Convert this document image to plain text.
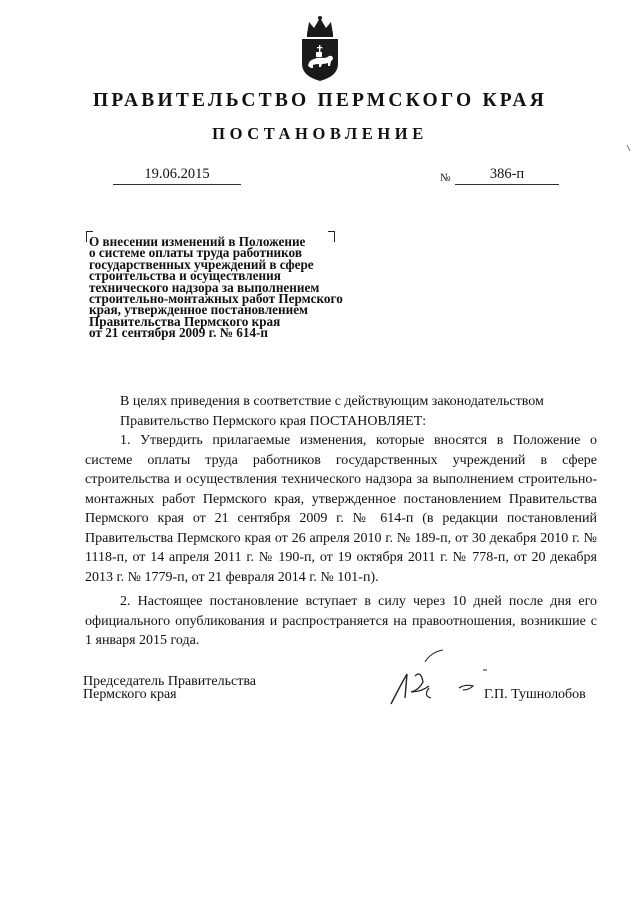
ПРАВИТЕЛЬСТВО ПЕРМСКОГО КРАЯ
ПОСТАНОВЛЕНИЕ
19.06.2015	№	386-п
О внесении изменений в Положение
о системе оплаты труда работников
государственных учреждений в сфере
строительства и осуществления
технического надзора за выполнением
строительно-монтажных работ Пермского
края, утвержденное постановлением
Правительства Пермского края
от 21 сентября 2009 г. № 614-п

В целях приведения в соответствие с действующим законодательством

Правительство Пермского края ПОСТАНОВЛЯЕТ:

1. Утвердить прилагаемые изменения, которые вносятся в Положение о системе оплаты труда работников государственных учреждений в сфере строительства и осуществления технического надзора за выполнением строительно-монтажных работ Пермского края, утвержденное постановлением Правительства Пермского края от 21 сентября 2009 г. № 614-п (в редакции постановлений Правительства Пермского края от 26 апреля 2010 г. № 189-п, от 30 декабря 2010 г. № 1118-п, от 14 апреля 2011 г. № 190-п, от 19 октября 2011 г. № 778-п, от 20 декабря 2013 г. № 1779-п, от 21 февраля 2014 г. № 101-п).

2. Настоящее постановление вступает в силу через 10 дней после дня его официального опубликования и распространяется на правоотношения, возникшие с 1 января 2015 года.

Председатель Правительства
Пермского края	Г.П. Тушнолобов
